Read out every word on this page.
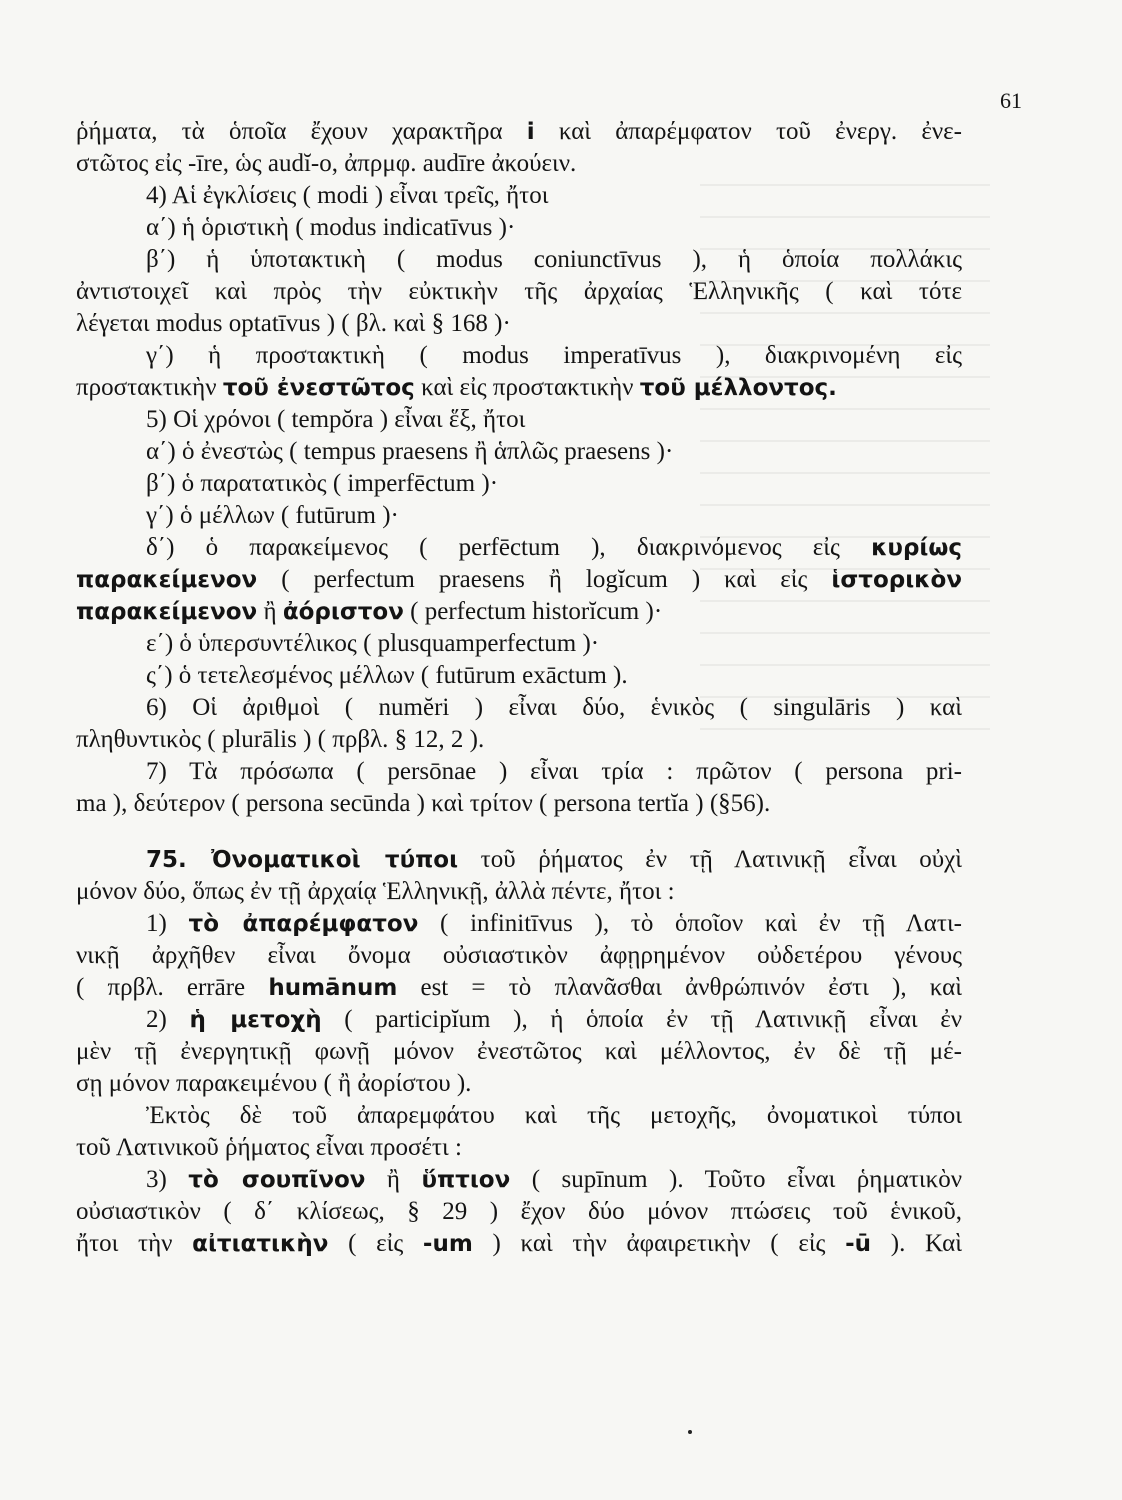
61
ῥήματα, τὰ ὁποῖα ἔχουν χαρακτῆρα i καὶ ἀπαρέμφατον τοῦ ἐνεργ. ἐνε-
στῶτος εἰς -īre, ὡς audĭ-o, ἀπρμφ. audīre ἀκούειν.
4) Αἱ ἐγκλίσεις ( modi ) εἶναι τρεῖς, ἤτοι
α΄) ἡ ὁριστικὴ ( modus indicatīvus )·
β΄) ἡ ὑποτακτικὴ ( modus coniunctīvus ), ἡ ὁποία πολλάκις
ἀντιστοιχεῖ καὶ πρὸς τὴν εὐκτικὴν τῆς ἀρχαίας Ἑλληνικῆς ( καὶ τότε
λέγεται modus optatīvus ) ( βλ. καὶ § 168 )·
γ΄) ἡ προστακτικὴ ( modus imperatīvus ), διακρινομένη εἰς
προστακτικὴν τοῦ ἐνεστῶτος καὶ εἰς προστακτικὴν τοῦ μέλλοντος.
5) Οἱ χρόνοι ( tempŏra ) εἶναι ἕξ, ἤτοι
α΄) ὁ ἐνεστὼς ( tempus praesens ἢ ἁπλῶς praesens )·
β΄) ὁ παρατατικὸς ( imperfēctum )·
γ΄) ὁ μέλλων ( futūrum )·
δ΄) ὁ παρακείμενος ( perfēctum ), διακρινόμενος εἰς κυρίως
παρακείμενον ( perfectum praesens ἢ logĭcum ) καὶ εἰς ἱστορικὸν
παρακείμενον ἢ ἀόριστον ( perfectum historĭcum )·
ε΄) ὁ ὑπερσυντέλικος ( plusquamperfectum )·
ς΄) ὁ τετελεσμένος μέλλων ( futūrum exāctum ).
6) Οἱ ἀριθμοὶ ( numĕri ) εἶναι δύο, ἑνικὸς ( singulāris ) καὶ
πληθυντικὸς ( plurālis ) ( πρβλ. § 12, 2 ).
7) Τὰ πρόσωπα ( persōnae ) εἶναι τρία : πρῶτον ( persona pri-
ma ), δεύτερον ( persona secūnda ) καὶ τρίτον ( persona tertĭa ) (§56).
75. Ὀνοματικοὶ τύποι τοῦ ῥήματος ἐν τῇ Λατινικῇ εἶναι οὐχὶ
μόνον δύο, ὅπως ἐν τῇ ἀρχαίᾳ Ἑλληνικῇ, ἀλλὰ πέντε, ἤτοι :
1) τὸ ἀπαρέμφατον ( infinitīvus ), τὸ ὁποῖον καὶ ἐν τῇ Λατι-
νικῇ ἀρχῆθεν εἶναι ὄνομα οὐσιαστικὸν ἀφῃρημένον οὐδετέρου γένους
( πρβλ. errāre humānum est = τὸ πλανᾶσθαι ἀνθρώπινόν ἐστι ), καὶ
2) ἡ μετοχὴ ( participĭum ), ἡ ὁποία ἐν τῇ Λατινικῇ εἶναι ἐν
μὲν τῇ ἐνεργητικῇ φωνῇ μόνον ἐνεστῶτος καὶ μέλλοντος, ἐν δὲ τῇ μέ-
σῃ μόνον παρακειμένου ( ἢ ἀορίστου ).
Ἐκτὸς δὲ τοῦ ἀπαρεμφάτου καὶ τῆς μετοχῆς, ὀνοματικοὶ τύποι
τοῦ Λατινικοῦ ῥήματος εἶναι προσέτι :
3) τὸ σουπῖνον ἢ ὕπτιον ( supīnum ). Τοῦτο εἶναι ῥηματικὸν
οὐσιαστικὸν ( δ΄ κλίσεως, § 29 ) ἔχον δύο μόνον πτώσεις τοῦ ἑνικοῦ,
ἤτοι τὴν αἰτιατικὴν ( εἰς -um ) καὶ τὴν ἀφαιρετικὴν ( εἰς -ū ). Καὶ
